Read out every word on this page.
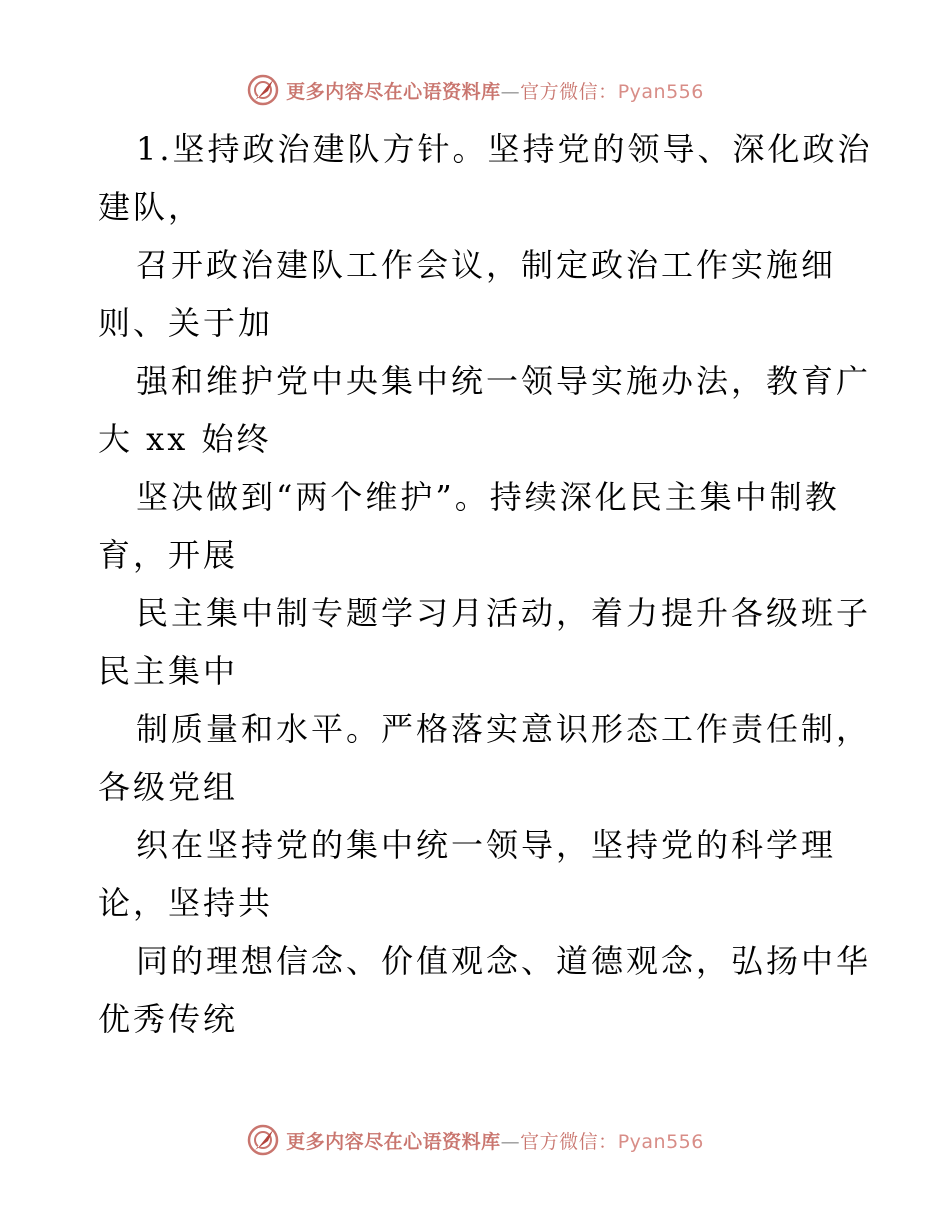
更多内容尽在心语资料库—官方微信：Pyan556
1.坚持政治建队方针。坚持党的领导、深化政治
建队，
召开政治建队工作会议，制定政治工作实施细
则、关于加
强和维护党中央集中统一领导实施办法，教育广
大 xx 始终
坚决做到“两个维护”。持续深化民主集中制教
育，开展
民主集中制专题学习月活动，着力提升各级班子
民主集中
制质量和水平。严格落实意识形态工作责任制，
各级党组
织在坚持党的集中统一领导，坚持党的科学理
论，坚持共
同的理想信念、价值观念、道德观念，弘扬中华
优秀传统
更多内容尽在心语资料库—官方微信：Pyan556
